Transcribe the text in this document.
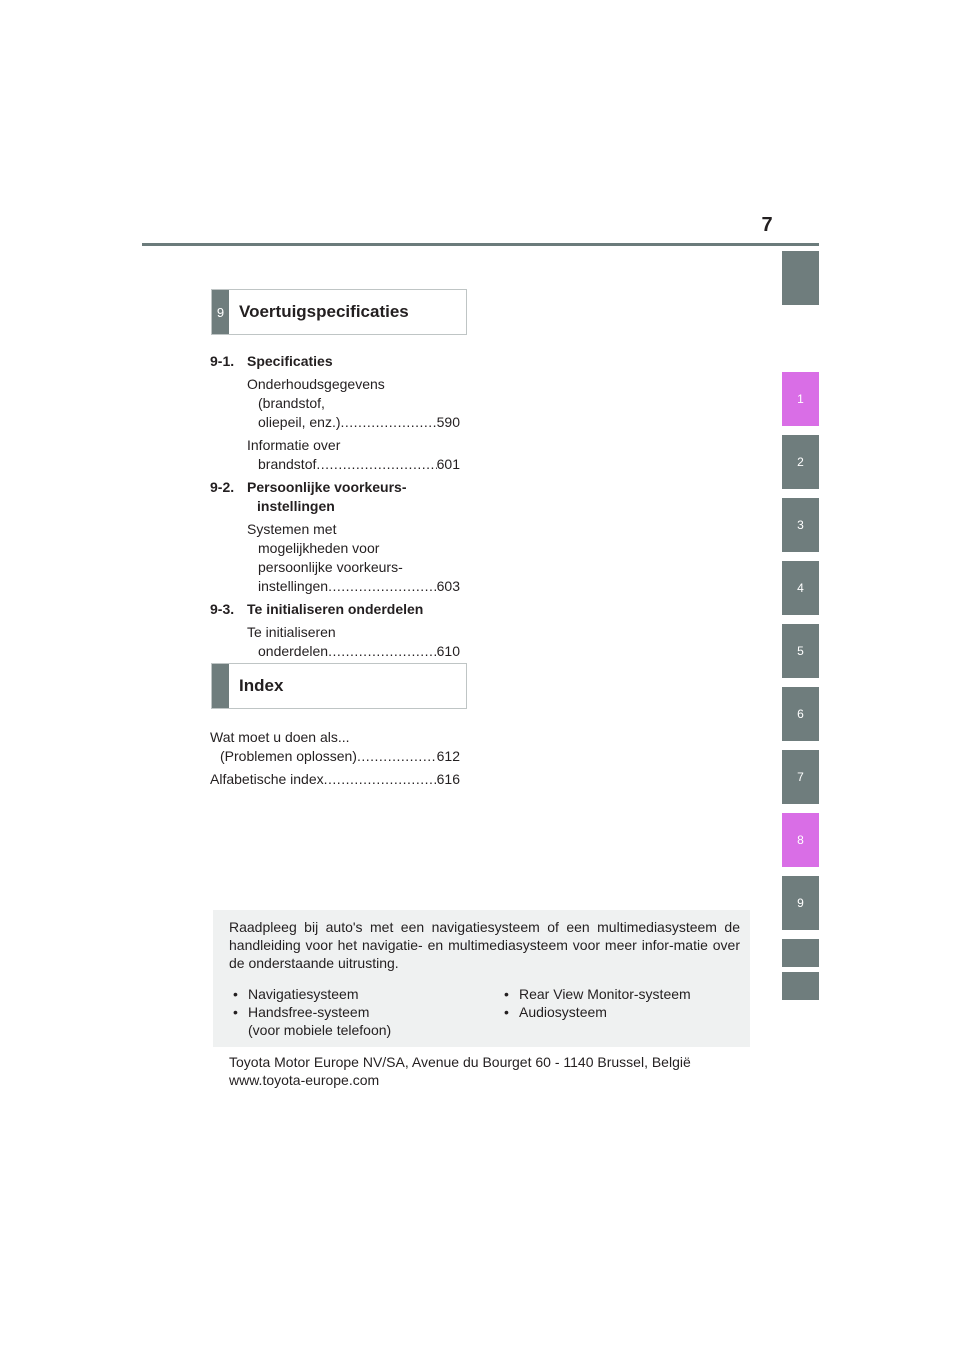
7
1
2
3
4
5
6
7
8
9
9 Voertuigspecificaties
9-1. Specificaties
Onderhoudsgegevens
(brandstof,
oliepeil, enz.) .....	590
Informatie over
brandstof .....	601
9-2. Persoonlijke voorkeurs-
instellingen
Systemen met
mogelijkheden voor
persoonlijke voorkeurs-
instellingen .....	603
9-3. Te initialiseren onderdelen
Te initialiseren
onderdelen .....	610
Index
Wat moet u doen als...
(Problemen oplossen) .....	612
Alfabetische index .....	616
Raadpleeg bij auto's met een navigatiesysteem of een multimediasysteem de handleiding voor het navigatie- en multimediasysteem voor meer infor-matie over de onderstaande uitrusting.
• Navigatiesysteem
• Handsfree-systeem
(voor mobiele telefoon)
• Rear View Monitor-systeem
• Audiosysteem
Toyota Motor Europe NV/SA, Avenue du Bourget 60 - 1140 Brussel, België
www.toyota-europe.com
